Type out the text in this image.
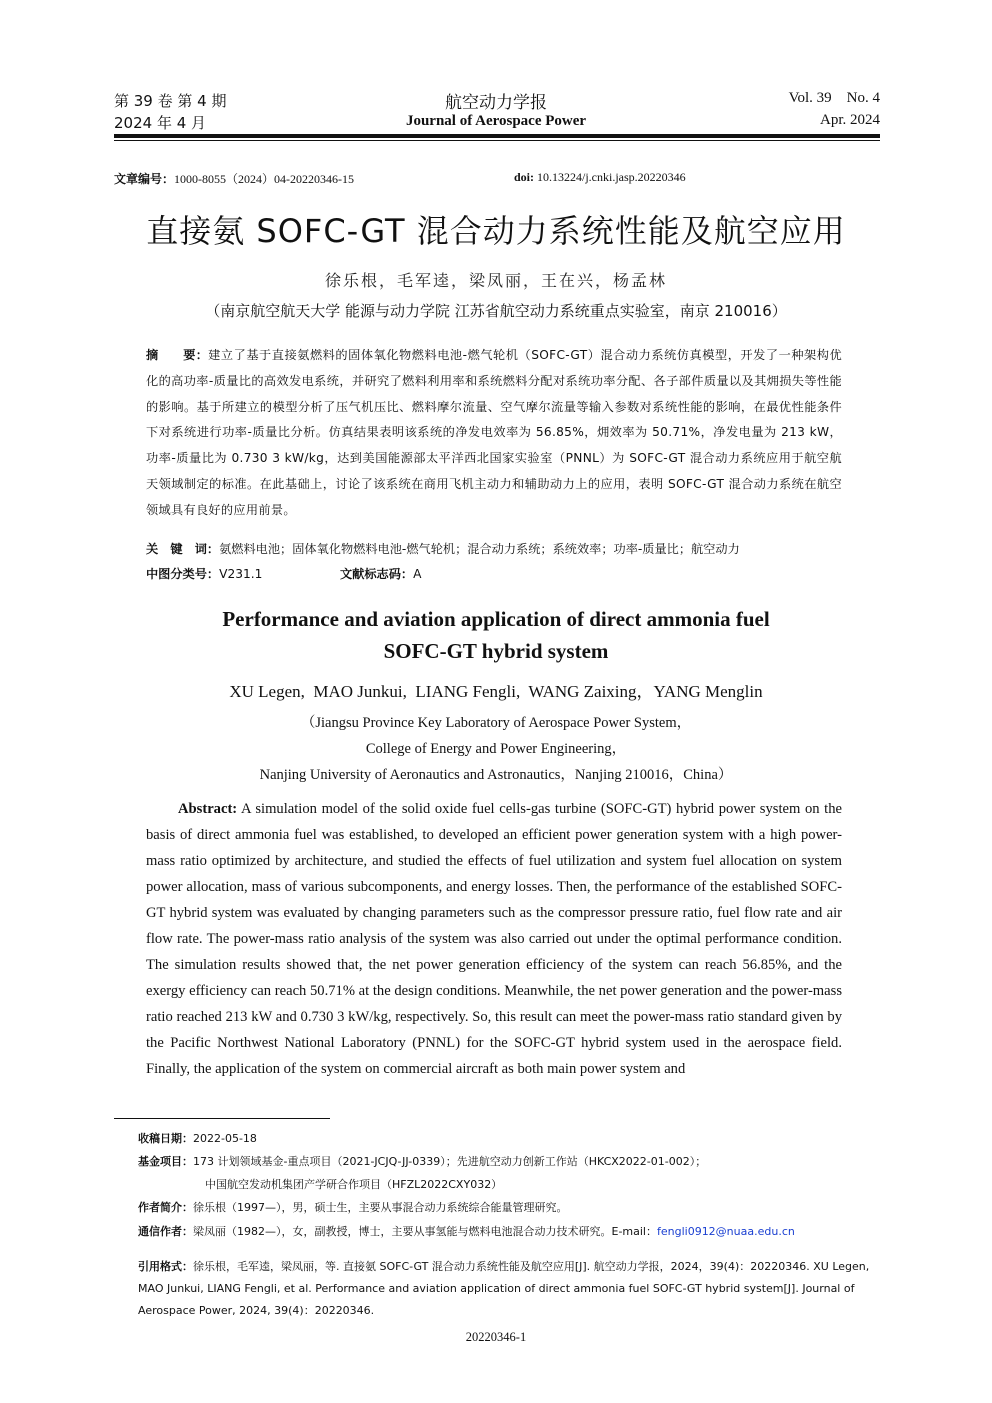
第 39 卷 第 4 期
2024 年 4 月
航空动力学报
Journal of Aerospace Power
Vol. 39    No. 4
Apr. 2024
文章编号：1000-8055（2024）04-20220346-15	doi: 10.13224/j.cnki.jasp.20220346
直接氨 SOFC-GT 混合动力系统性能及航空应用
徐乐根，毛军逵，梁凤丽，王在兴，杨孟林
（南京航空航天大学 能源与动力学院 江苏省航空动力系统重点实验室，南京 210016）
摘　　要：建立了基于直接氨燃料的固体氧化物燃料电池-燃气轮机（SOFC-GT）混合动力系统仿真模型，开发了一种架构优化的高功率-质量比的高效发电系统，并研究了燃料利用率和系统燃料分配对系统功率分配、各子部件质量以及其㶲损失等性能的影响。基于所建立的模型分析了压气机压比、燃料摩尔流量、空气摩尔流量等输入参数对系统性能的影响，在最优性能条件下对系统进行功率-质量比分析。仿真结果表明该系统的净发电效率为 56.85%，㶲效率为 50.71%，净发电量为 213 kW，功率-质量比为 0.730 3 kW/kg，达到美国能源部太平洋西北国家实验室（PNNL）为 SOFC-GT 混合动力系统应用于航空航天领域制定的标准。在此基础上，讨论了该系统在商用飞机主动力和辅助动力上的应用，表明 SOFC-GT 混合动力系统在航空领域具有良好的应用前景。
关　键　词：氨燃料电池；固体氧化物燃料电池-燃气轮机；混合动力系统；系统效率；功率-质量比；航空动力
中图分类号：V231.1	文献标志码：A
Performance and aviation application of direct ammonia fuel
SOFC-GT hybrid system
XU Legen,  MAO Junkui,  LIANG Fengli,  WANG Zaixing，YANG Menglin
（Jiangsu Province Key Laboratory of Aerospace Power System，
College of Energy and Power Engineering，
Nanjing University of Aeronautics and Astronautics，Nanjing 210016，China）
Abstract: A simulation model of the solid oxide fuel cells-gas turbine (SOFC-GT) hybrid power system on the basis of direct ammonia fuel was established, to developed an efficient power generation system with a high power-mass ratio optimized by architecture, and studied the effects of fuel utilization and system fuel allocation on system power allocation, mass of various subcomponents, and energy losses. Then, the performance of the established SOFC-GT hybrid system was evaluated by changing parameters such as the compressor pressure ratio, fuel flow rate and air flow rate. The power-mass ratio analysis of the system was also carried out under the optimal performance condition. The simulation results showed that, the net power generation efficiency of the system can reach 56.85%, and the exergy efficiency can reach 50.71% at the design conditions. Meanwhile, the net power generation and the power-mass ratio reached 213 kW and 0.730 3 kW/kg, respectively. So, this result can meet the power-mass ratio standard given by the Pacific Northwest National Laboratory (PNNL) for the SOFC-GT hybrid system used in the aerospace field. Finally, the application of the system on commercial aircraft as both main power system and
收稿日期：2022-05-18
基金项目：173 计划领域基金-重点项目（2021-JCJQ-JJ-0339）；先进航空动力创新工作站（HKCX2022-01-002）；
中国航空发动机集团产学研合作项目（HFZL2022CXY032）
作者简介：徐乐根（1997—），男，硕士生，主要从事混合动力系统综合能量管理研究。
通信作者：梁凤丽（1982—），女，副教授，博士，主要从事氢能与燃料电池混合动力技术研究。E-mail：fengli0912@nuaa.edu.cn
引用格式：徐乐根，毛军逵，梁凤丽，等. 直接氨 SOFC-GT 混合动力系统性能及航空应用[J]. 航空动力学报，2024，39(4)：20220346. XU Legen, MAO Junkui, LIANG Fengli, et al. Performance and aviation application of direct ammonia fuel SOFC-GT hybrid system[J]. Journal of Aerospace Power, 2024, 39(4)：20220346.
20220346-1
